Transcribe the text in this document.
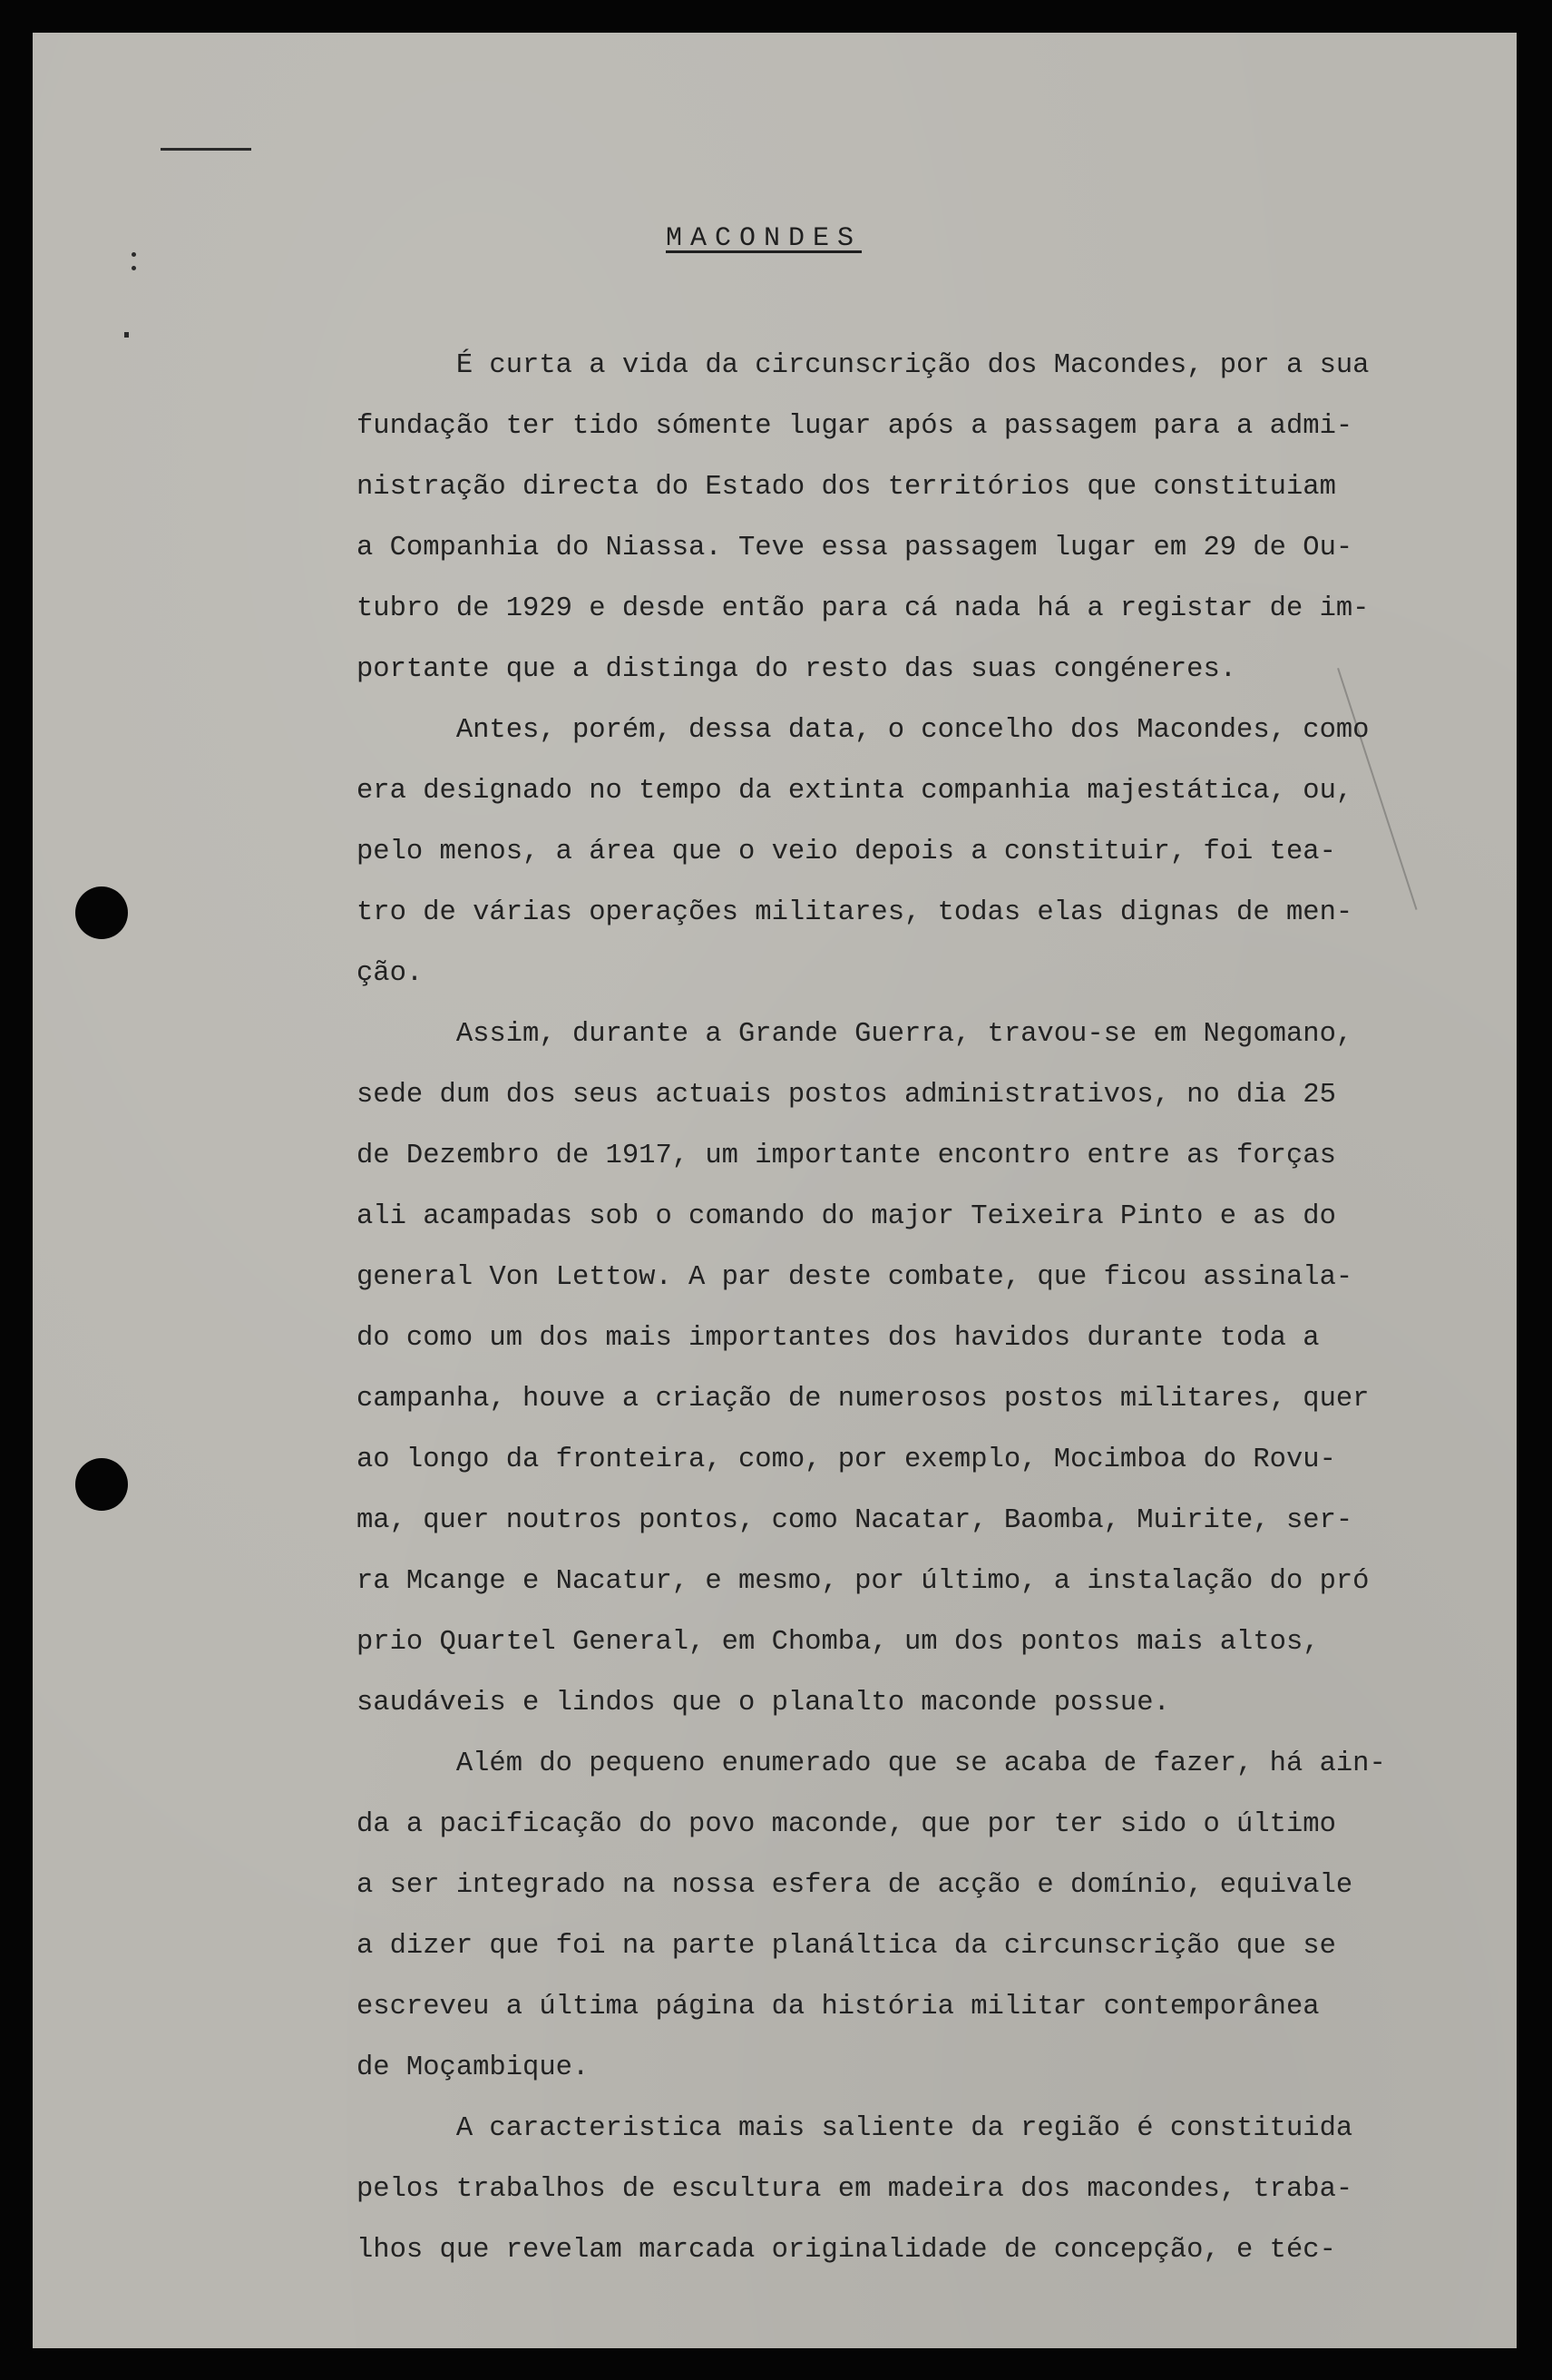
MACONDES
É curta a vida da circunscrição dos Macondes, por a sua
fundação ter tido sómente lugar após a passagem para a admi-
nistração directa do Estado dos territórios que constituiam
a Companhia do Niassa. Teve essa passagem lugar em 29 de Ou-
tubro de 1929 e desde então para cá nada há a registar de im-
portante que a distinga do resto das suas congéneres.
Antes, porém, dessa data, o concelho dos Macondes, como
era designado no tempo da extinta companhia majestática, ou,
pelo menos, a área que o veio depois a constituir, foi tea-
tro de várias operações militares, todas elas dignas de men-
ção.
Assim, durante a Grande Guerra, travou-se em Negomano,
sede dum dos seus actuais postos administrativos, no dia 25
de Dezembro de 1917, um importante encontro entre as forças
ali acampadas sob o comando do major Teixeira Pinto e as do
general Von Lettow. A par deste combate, que ficou assinala-
do como um dos mais importantes dos havidos durante toda a
campanha, houve a criação de numerosos postos militares, quer
ao longo da fronteira, como, por exemplo, Mocimboa do Rovu-
ma, quer noutros pontos, como Nacatar, Baomba, Muirite, ser-
ra Mcange e Nacatur, e mesmo, por último, a instalação do pró
prio Quartel General, em Chomba, um dos pontos mais altos,
saudáveis e lindos que o planalto maconde possue.
Além do pequeno enumerado que se acaba de fazer, há ain-
da a pacificação do povo maconde, que por ter sido o último
a ser integrado na nossa esfera de acção e domínio, equivale
a dizer que foi na parte planáltica da circunscrição que se
escreveu a última página da história militar contemporânea
de Moçambique.
A caracteristica mais saliente da região é constituida
pelos trabalhos de escultura em madeira dos macondes, traba-
lhos que revelam marcada originalidade de concepção, e téc-
